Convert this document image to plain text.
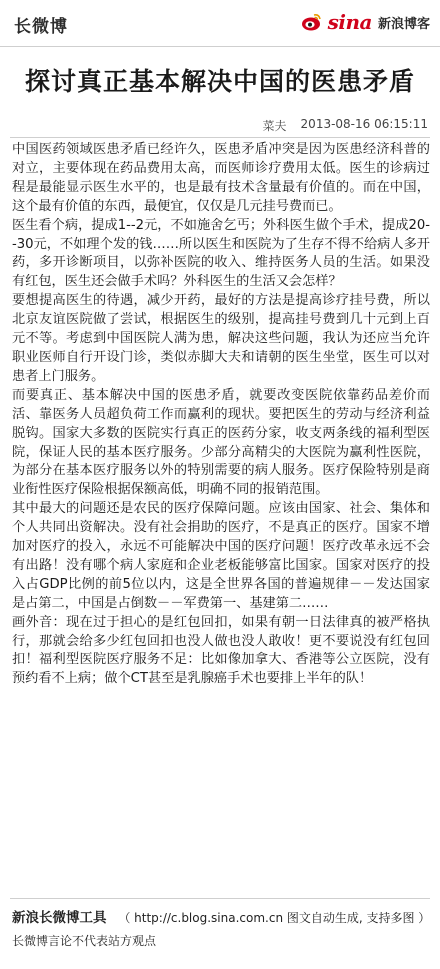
长微博	sina 新浪博客
探讨真正基本解决中国的医患矛盾
菜夫 2013-08-16 06:15:11

中国医药领域医患矛盾已经许久，医患矛盾冲突是因为医患经济科普的对立，主要体现在药品费用太高，而医师诊疗费用太低。医生的诊病过程是最能显示医生水平的，也是最有技术含量最有价值的。而在中国，这个最有价值的东西，最便宜，仅仅是几元挂号费而已。

医生看个病，提成1--2元，不如施舍乞丐；外科医生做个手术，提成20--30元，不如理个发的钱……所以医生和医院为了生存不得不给病人多开药，多开诊断项目，以弥补医院的收入、维持医务人员的生活。如果没有红包，医生还会做手术吗？外科医生的生活又会怎样？

要想提高医生的待遇，减少开药，最好的方法是提高诊疗挂号费，所以北京友谊医院做了尝试，根据医生的级别，提高挂号费到几十元到上百元不等。考虑到中国医院人满为患，解决这些问题，我认为还应当允许职业医师自行开设门诊，类似赤脚大夫和请朝的医生坐堂，医生可以对患者上门服务。

而要真正、基本解决中国的医患矛盾，就要改变医院依靠药品差价而活、靠医务人员超负荷工作而赢利的现状。要把医生的劳动与经济利益脱钩。国家大多数的医院实行真正的医药分家，收支两条线的福利型医院，保证人民的基本医疗服务。少部分高精尖的大医院为赢利性医院，为部分在基本医疗服务以外的特别需要的病人服务。医疗保险特别是商业衔性医疗保险根据保额高低，明确不同的报销范围。

其中最大的问题还是农民的医疗保障问题。应该由国家、社会、集体和个人共同出资解决。没有社会捐助的医疗，不是真正的医疗。国家不增加对医疗的投入，永远不可能解决中国的医疗问题！医疗改革永远不会有出路！没有哪个病人家庭和企业老板能够富比国家。国家对医疗的投入占GDP比例的前5位以内，这是全世界各国的普遍规律－－发达国家是占第二，中国是占倒数－－军费第一、基建第二……

画外音：现在过于担心的是红包回扣，如果有朝一日法律真的被严格执行，那就会给多少红包回扣也没人做也没人敢收！更不要说没有红包回扣！福利型医院医疗服务不足：比如像加拿大、香港等公立医院，没有预约看不上病；做个CT甚至是乳腺癌手术也要排上半年的队！

新浪长微博工具 （ http://c.blog.sina.com.cn 图文自动生成, 支持多图 ）
长微博言论不代表站方观点
